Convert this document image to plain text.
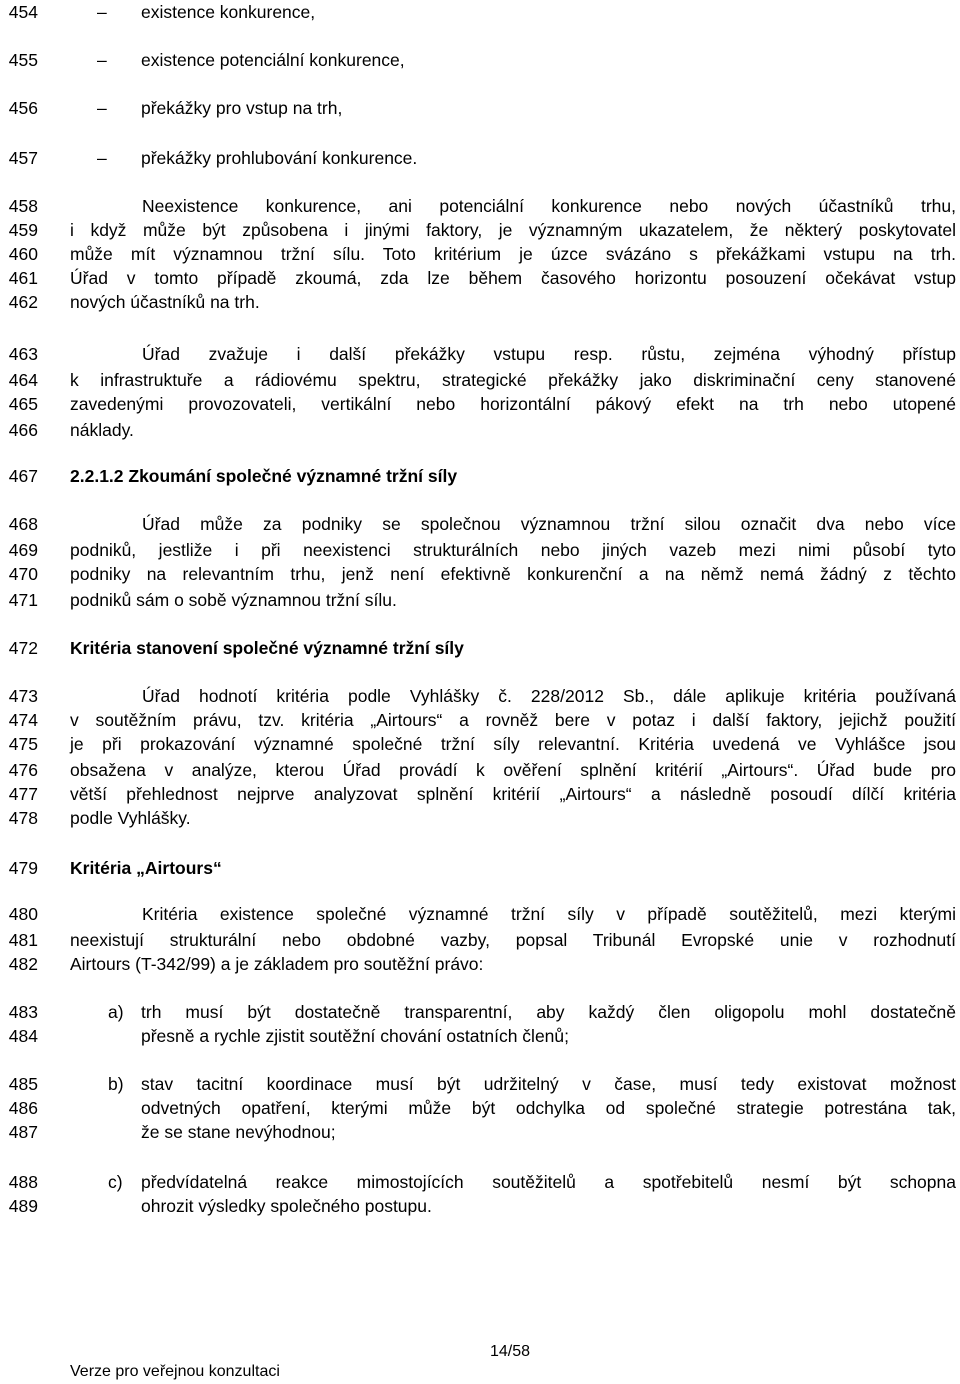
454
455
456
457
458
459
460
461
462
463
464
465
466
467
468
469
470
471
472
473
474
475
476
477
478
479
480
481
482
483
484
485
486
487
488
489
– existence konkurence,
– existence potenciální konkurence,
– překážky pro vstup na trh,
– překážky prohlubování konkurence.
Neexistence konkurence, ani potenciální konkurence nebo nových účastníků trhu,
i když může být způsobena i jinými faktory, je významným ukazatelem, že některý poskytovatel
může mít významnou tržní sílu. Toto kritérium je úzce svázáno s překážkami vstupu na trh.
Úřad v tomto případě zkoumá, zda lze během časového horizontu posouzení očekávat vstup
nových účastníků na trh.
Úřad zvažuje i další překážky vstupu resp. růstu, zejména výhodný přístup
k infrastruktuře a rádiovému spektru, strategické překážky jako diskriminační ceny stanovené
zavedenými provozovateli, vertikální nebo horizontální pákový efekt na trh nebo utopené
náklady.
2.2.1.2 Zkoumání společné významné tržní síly
Úřad může za podniky se společnou významnou tržní silou označit dva nebo více
podniků, jestliže i při neexistenci strukturálních nebo jiných vazeb mezi nimi působí tyto
podniky na relevantním trhu, jenž není efektivně konkurenční a na němž nemá žádný z těchto
podniků sám o sobě významnou tržní sílu.
Kritéria stanovení společné významné tržní síly
Úřad hodnotí kritéria podle Vyhlášky č. 228/2012 Sb., dále aplikuje kritéria používaná
v soutěžním právu, tzv. kritéria „Airtours“ a rovněž bere v potaz i další faktory, jejichž použití
je při prokazování významné společné tržní síly relevantní. Kritéria uvedená ve Vyhlášce jsou
obsažena v analýze, kterou Úřad provádí k ověření splnění kritérií „Airtours“. Úřad bude pro
větší přehlednost nejprve analyzovat splnění kritérií „Airtours“ a následně posoudí dílčí kritéria
podle Vyhlášky.
Kritéria „Airtours“
Kritéria existence společné významné tržní síly v případě soutěžitelů, mezi kterými
neexistují strukturální nebo obdobné vazby, popsal Tribunál Evropské unie v rozhodnutí
Airtours (T-342/99) a je základem pro soutěžní právo:
a) trh musí být dostatečně transparentní, aby každý člen oligopolu mohl dostatečně
přesně a rychle zjistit soutěžní chování ostatních členů;
b) stav tacitní koordinace musí být udržitelný v čase, musí tedy existovat možnost
odvetných opatření, kterými může být odchylka od společné strategie potrestána tak,
že se stane nevýhodnou;
c) předvídatelná reakce mimostojících soutěžitelů a spotřebitelů nesmí být schopna
ohrozit výsledky společného postupu.
14/58
Verze pro veřejnou konzultaci
